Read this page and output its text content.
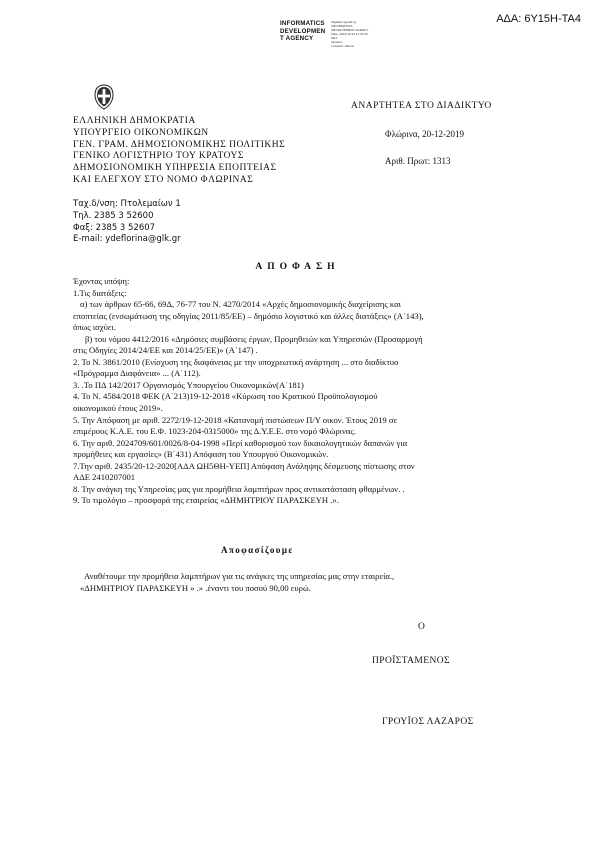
ΑΔΑ: 6Υ15Η-ΤΑ4
INFORMATICS
DEVELOPMEN
T AGENCY
Digitally signed by
INFORMATICS
DEVELOPMENT AGENCY
Date: 2019.12.23 11:37:20
EET
Reason:
Location: Athens
ΕΛΛΗΝΙΚΗ ΔΗΜΟΚΡΑΤΙΑ
ΥΠΟΥΡΓΕΙΟ ΟΙΚΟΝΟΜΙΚΩΝ
ΓΕΝ. ΓΡΑΜ. ΔΗΜΟΣΙΟΝΟΜΙΚΗΣ ΠΟΛΙΤΙΚΗΣ
ΓΕΝΙΚΟ ΛΟΓΙΣΤΗΡΙΟ ΤΟΥ ΚΡΑΤΟΥΣ
ΔΗΜΟΣΙΟΝΟΜΙΚΗ ΥΠΗΡΕΣΙΑ ΕΠΟΠΤΕΙΑΣ
ΚΑΙ ΕΛΕΓΧΟΥ ΣΤΟ ΝΟΜΟ ΦΛΩΡΙΝΑΣ
ΑΝΑΡΤΗΤΕΑ ΣΤΟ ΔΙΑΔΙΚΤΥΟ
Φλώρινα, 20-12-2019
Αριθ. Πρωτ: 1313
Ταχ.δ/νση: Πτολεμαίων 1
Τηλ. 2385 3 52600
Φαξ: 2385 3 52607
E-mail: ydeflorina@glk.gr
ΑΠΟΦΑΣΗ
Έχοντας υπόψη:
1.Τις διατάξεις:
α) των άρθρων 65-66, 69Δ, 76-77 του Ν. 4270/2014 «Αρχές δημοσιονομικής διαχείρισης και
εποπτείας (ενσωμάτωση της οδηγίας 2011/85/ΕΕ) – δημόσιο λογιστικό και άλλες διατάξεις» (Α΄143),
όπως ισχύει.
β) του νόμου 4412/2016 «Δημόσιες συμβάσεις έργων, Προμηθειών και Υπηρεσιών (Προσαρμογή
στις Οδηγίες 2014/24/ΕΕ και 2014/25/ΕΕ)» (Α΄147) .
2. Το Ν. 3861/2010 (Ενίσχυση της διαφάνειας με την υποχρεωτική ανάρτηση ... στο διαδίκτυο
«Πρόγραμμα Διαφάνεια» ... (Α΄112).
3. .Το ΠΔ 142/2017 Οργανισμός Υπουργείου Οικονομικών(Α΄181)
4. Το Ν. 4584/2018 ΦΕΚ (Α΄213)19-12-2018 «Κύρωση του Κρατικού Προϋπολογισμού
οικονομικού έτους 2019».
5. Την Απόφαση με αριθ. 2272/19-12-2018 «Κατανομή πιστώσεων Π/Υ οικον. Έτους 2019 σε
επιμέρους Κ.Α.Ε. του Ε.Φ. 1023-204-0315000» της Δ.Υ.Ε.Ε. στο νομό Φλώρινας.
6. Την αριθ. 2024709/601/0026/8-04-1998 «Περί καθορισμού των δικαιολογητικών δαπανών για
προμήθειες και εργασίες» (Β΄431) Απόφαση του Υπουργού Οικονομικών.
7.Την αριθ. 2435/20-12-2020[ΑΔΑ ΩΗ5ΘΗ-ΥΕΠ] Απόφαση Ανάληψης δέσμευσης πίστωσης στον
ΑΔΕ 2410207001
8. Την ανάγκη της Υπηρεσίας μας για προμήθεια λαμπτήρων προς αντικατάσταση φθαρμένων. .
9. Το τιμολόγιο – προσφορά της εταιρείας «ΔΗΜΗΤΡΙΟΥ ΠΑΡΑΣΚΕΥΗ .».
Αποφασίζουμε
Αναθέτουμε την προμήθεια λαμπτήρων για τις ανάγκες της υπηρεσίας μας στην εταιρεία.,
«ΔΗΜΗΤΡΙΟΥ ΠΑΡΑΣΚΕΥΗ » .» .έναντι του ποσού 90,00 ευρώ.
Ο
ΠΡΟΪΣΤΑΜΕΝΟΣ
ΓΡΟΥΪΟΣ ΛΑΖΑΡΟΣ
